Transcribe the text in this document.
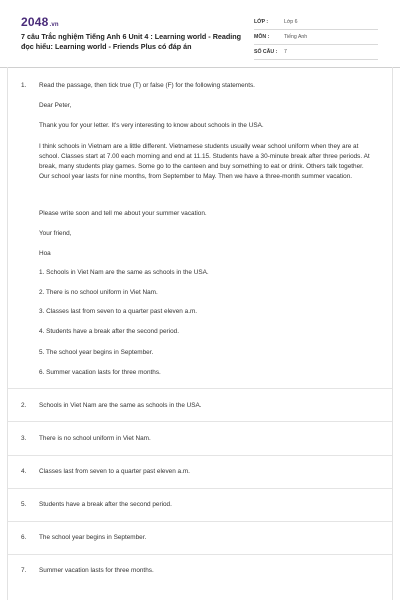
2048.vn
7 câu Trắc nghiệm Tiếng Anh 6 Unit 4 : Learning world - Reading đọc hiểu: Learning world - Friends Plus có đáp án
LỚP :	Lớp 6
MÔN :	Tiếng Anh
SỐ CÂU :	7
1. Read the passage, then tick true (T) or false (F) for the following statements.
Dear Peter,
Thank you for your letter. It's very interesting to know about schools in the USA.
I think schools in Vietnam are a little different. Vietnamese students usually wear school uniform when they are at school. Classes start at 7.00 each morning and end at 11.15. Students have a 30-minute break after three periods. At break, many students play games. Some go to the canteen and buy something to eat or drink. Others talk together. Our school year lasts for nine months, from September to May. Then we have a three-month summer vacation.
Please write soon and tell me about your summer vacation.
Your friend,
Hoa
1. Schools in Viet Nam are the same as schools in the USA.
2. There is no school uniform in Viet Nam.
3. Classes last from seven to a quarter past eleven a.m.
4. Students have a break after the second period.
5. The school year begins in September.
6. Summer vacation lasts for three months.
2. Schools in Viet Nam are the same as schools in the USA.
3. There is no school uniform in Viet Nam.
4. Classes last from seven to a quarter past eleven a.m.
5. Students have a break after the second period.
6. The school year begins in September.
7. Summer vacation lasts for three months.
